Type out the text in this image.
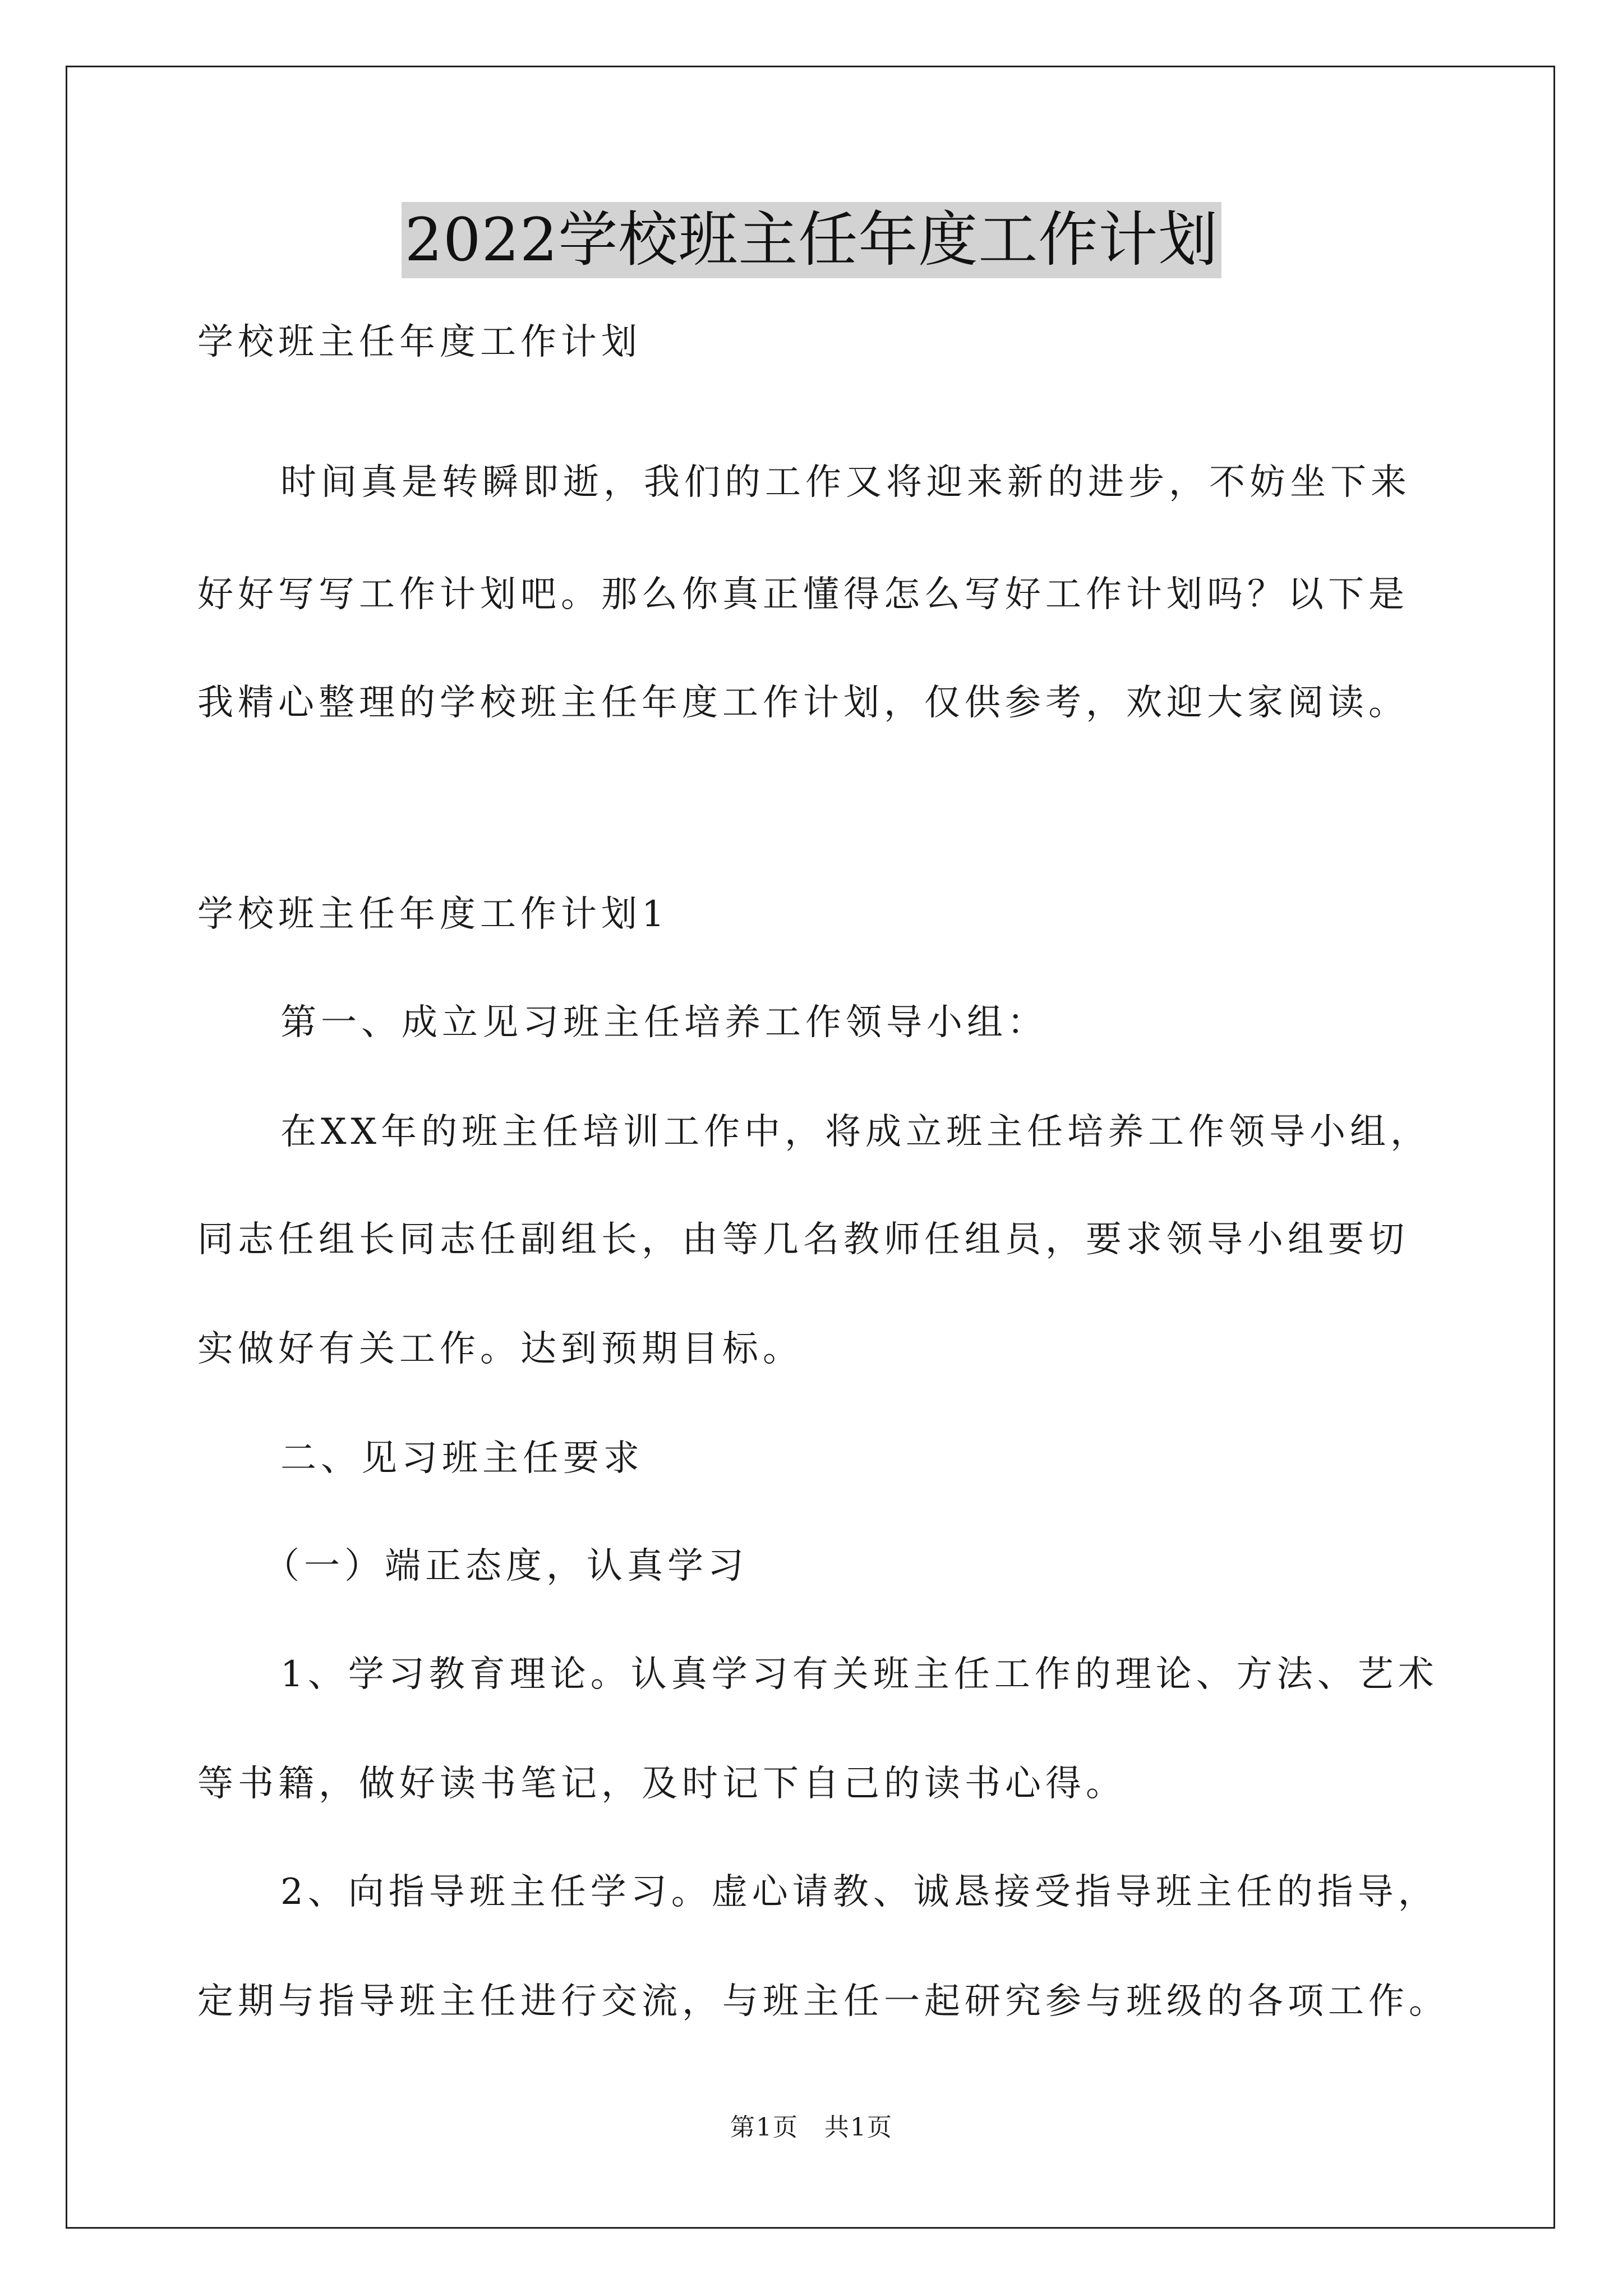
2022学校班主任年度工作计划
学校班主任年度工作计划
时间真是转瞬即逝，我们的工作又将迎来新的进步，不妨坐下来
好好写写工作计划吧。那么你真正懂得怎么写好工作计划吗？以下是
我精心整理的学校班主任年度工作计划，仅供参考，欢迎大家阅读。
学校班主任年度工作计划1
第一、成立见习班主任培养工作领导小组：
在XX年的班主任培训工作中，将成立班主任培养工作领导小组，
同志任组长同志任副组长，由等几名教师任组员，要求领导小组要切
实做好有关工作。达到预期目标。
二、见习班主任要求
（一）端正态度，认真学习
1、学习教育理论。认真学习有关班主任工作的理论、方法、艺术
等书籍，做好读书笔记，及时记下自己的读书心得。
2、向指导班主任学习。虚心请教、诚恳接受指导班主任的指导，
定期与指导班主任进行交流，与班主任一起研究参与班级的各项工作。
第1页　共1页
